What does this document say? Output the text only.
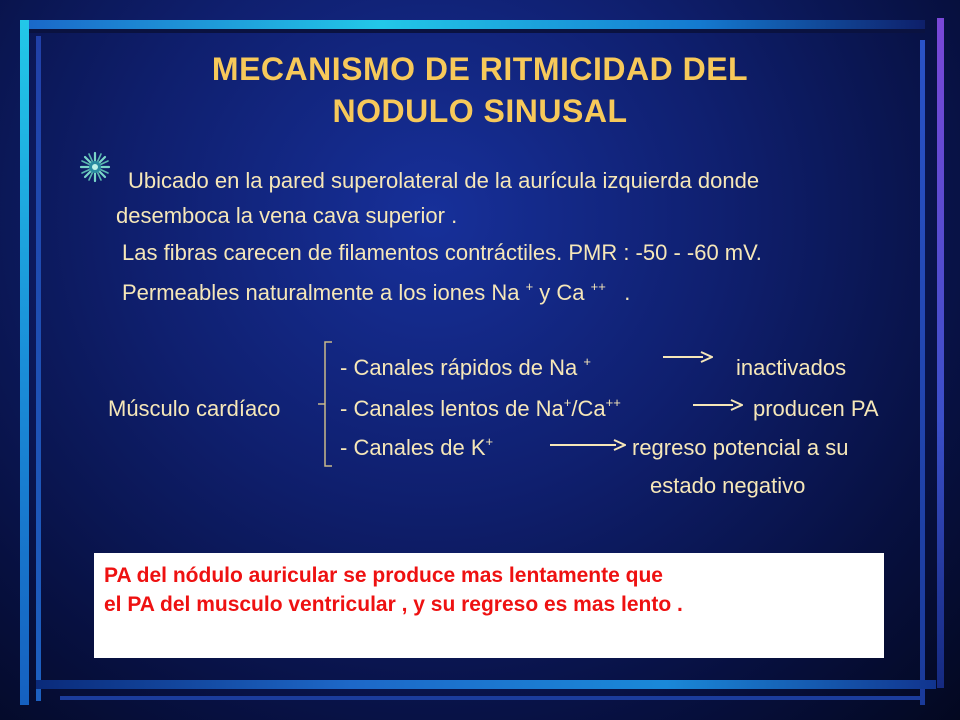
MECANISMO DE RITMICIDAD DEL
NODULO SINUSAL
Ubicado en la pared superolateral de la aurícula izquierda donde
desemboca la vena cava superior .
Las fibras carecen de filamentos contráctiles. PMR : -50 - -60 mV.
Permeables naturalmente a los iones Na + y Ca ++ .
Músculo cardíaco
- Canales rápidos de Na +	inactivados
- Canales lentos de Na+/Ca++	producen PA
- Canales de K+	regreso potencial a su
estado negativo
PA del nódulo auricular se produce mas lentamente que
el PA del musculo ventricular , y su regreso es mas lento .
